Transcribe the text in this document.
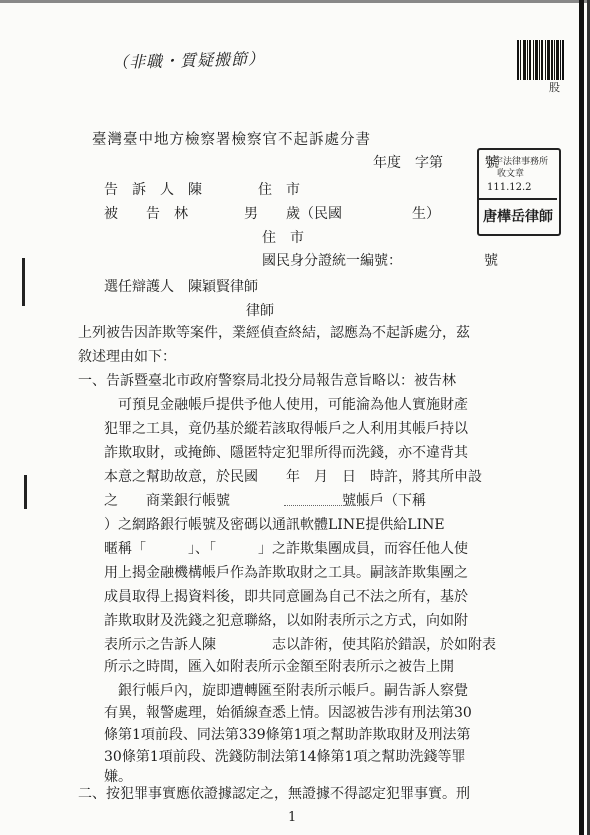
股
（非職・質疑搬節）
臺灣臺中地方檢察署檢察官不起訴處分書
年度　字第　　　號
告　訴　人　陳　　　　住　市
被　　告　林　　　　男　　歲（民國　　　　　生）
住　市
國民身分證統一編號：	號
宗宇法律事務所
收文章
111.12.2
唐樺岳律師
選任辯護人　陳穎賢律師
律師
上列被告因詐欺等案件，業經偵查終結，認應為不起訴處分，茲
敘述理由如下：
一、告訴暨臺北市政府警察局北投分局報告意旨略以：被告林
可預見金融帳戶提供予他人使用，可能淪為他人實施財產
犯罪之工具，竟仍基於縱若該取得帳戶之人利用其帳戶持以
詐欺取財，或掩飾、隱匿特定犯罪所得而洗錢，亦不違背其
本意之幫助故意，於民國　　年　月　日　時許，將其所申設
之　　商業銀行帳號　　　　　　　　號帳戶（下稱
）之網路銀行帳號及密碼以通訊軟體LINE提供給LINE
暱稱「　　　」、「　　　」之詐欺集團成員，而容任他人使
用上揭金融機構帳戶作為詐欺取財之工具。嗣該詐欺集團之
成員取得上揭資料後，即共同意圖為自己不法之所有，基於
詐欺取財及洗錢之犯意聯絡，以如附表所示之方式，向如附
表所示之告訴人陳　　　　志以詐術，使其陷於錯誤，於如附表
所示之時間，匯入如附表所示金額至附表所示之被告上開
銀行帳戶內，旋即遭轉匯至附表所示帳戶。嗣告訴人察覺
有異，報警處理，始循線查悉上情。因認被告涉有刑法第30
條第1項前段、同法第339條第1項之幫助詐欺取財及刑法第
30條第1項前段、洗錢防制法第14條第1項之幫助洗錢等罪
1
嫌。
二、按犯罪事實應依證據認定之，無證據不得認定犯罪事實。刑
